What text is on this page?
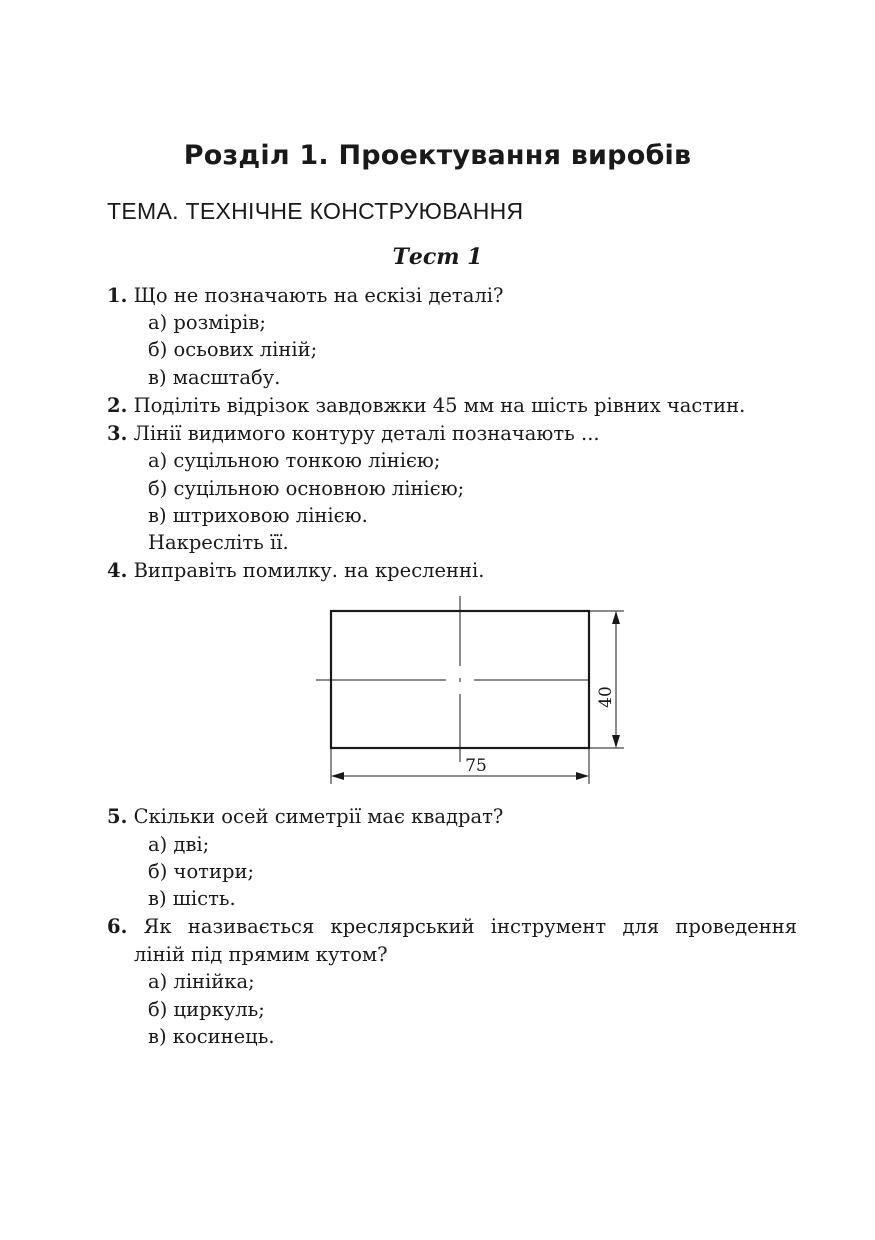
Розділ 1. Проектування виробів
ТЕМА. ТЕХНІЧНЕ КОНСТРУЮВАННЯ
Тест 1
1. Що не позначають на ескізі деталі?
а) розмірів;
б) осьових ліній;
в) масштабу.
2. Поділіть відрізок завдовжки 45 мм на шість рівних частин.
3. Лінії видимого контуру деталі позначають ...
а) суцільною тонкою лінією;
б) суцільною основною лінією;
в) штриховою лінією.
Накресліть її.
4. Виправіть помилку. на кресленні.
40
75
5. Скільки осей симетрії має квадрат?
а) дві;
б) чотири;
в) шість.
6. Як називається креслярський інструмент для проведення
ліній під прямим кутом?
а) лінійка;
б) циркуль;
в) косинець.
